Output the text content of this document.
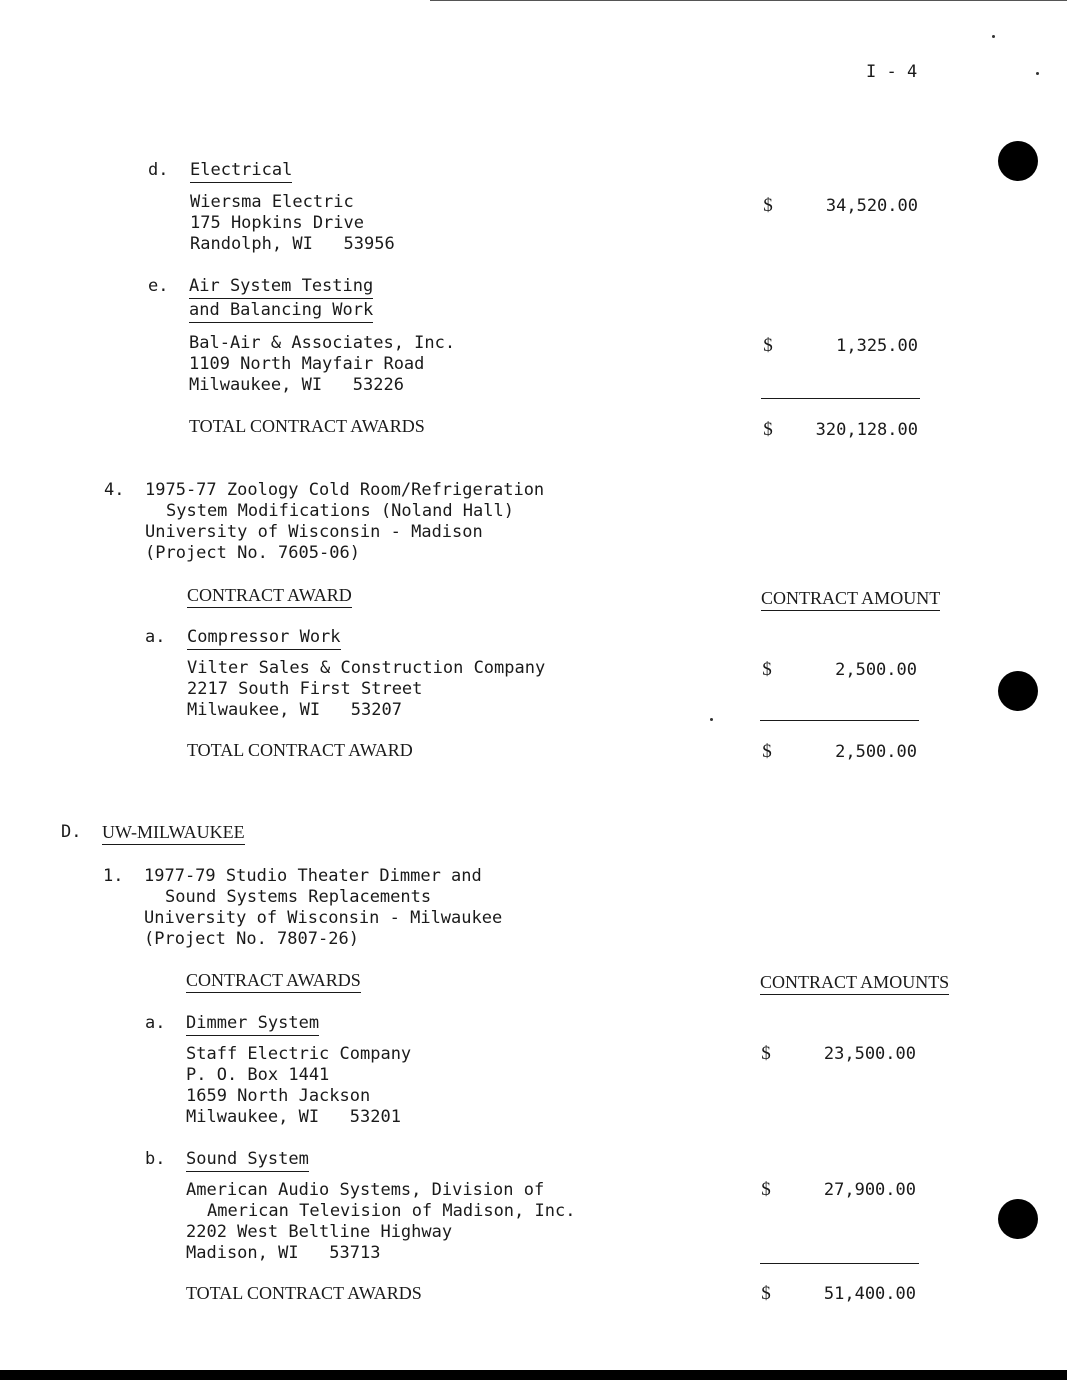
I - 4
d. Electrical
Wiersma Electric
175 Hopkins Drive
Randolph, WI   53956
$	34,520.00
e. Air System Testing
and Balancing Work
Bal-Air & Associates, Inc.
1109 North Mayfair Road
Milwaukee, WI   53226
$	1,325.00
TOTAL CONTRACT AWARDS	$	320,128.00
4. 1975-77 Zoology Cold Room/Refrigeration
System Modifications (Noland Hall)
University of Wisconsin - Madison
(Project No. 7605-06)
CONTRACT AWARD	CONTRACT AMOUNT
a. Compressor Work
Vilter Sales & Construction Company
2217 South First Street
Milwaukee, WI   53207
$	2,500.00
TOTAL CONTRACT AWARD	$	2,500.00
D. UW-MILWAUKEE
1. 1977-79 Studio Theater Dimmer and
Sound Systems Replacements
University of Wisconsin - Milwaukee
(Project No. 7807-26)
CONTRACT AWARDS	CONTRACT AMOUNTS
a. Dimmer System
Staff Electric Company
P. O. Box 1441
1659 North Jackson
Milwaukee, WI   53201
$	23,500.00
b. Sound System
American Audio Systems, Division of
American Television of Madison, Inc.
2202 West Beltline Highway
Madison, WI   53713
$	27,900.00
TOTAL CONTRACT AWARDS	$	51,400.00
